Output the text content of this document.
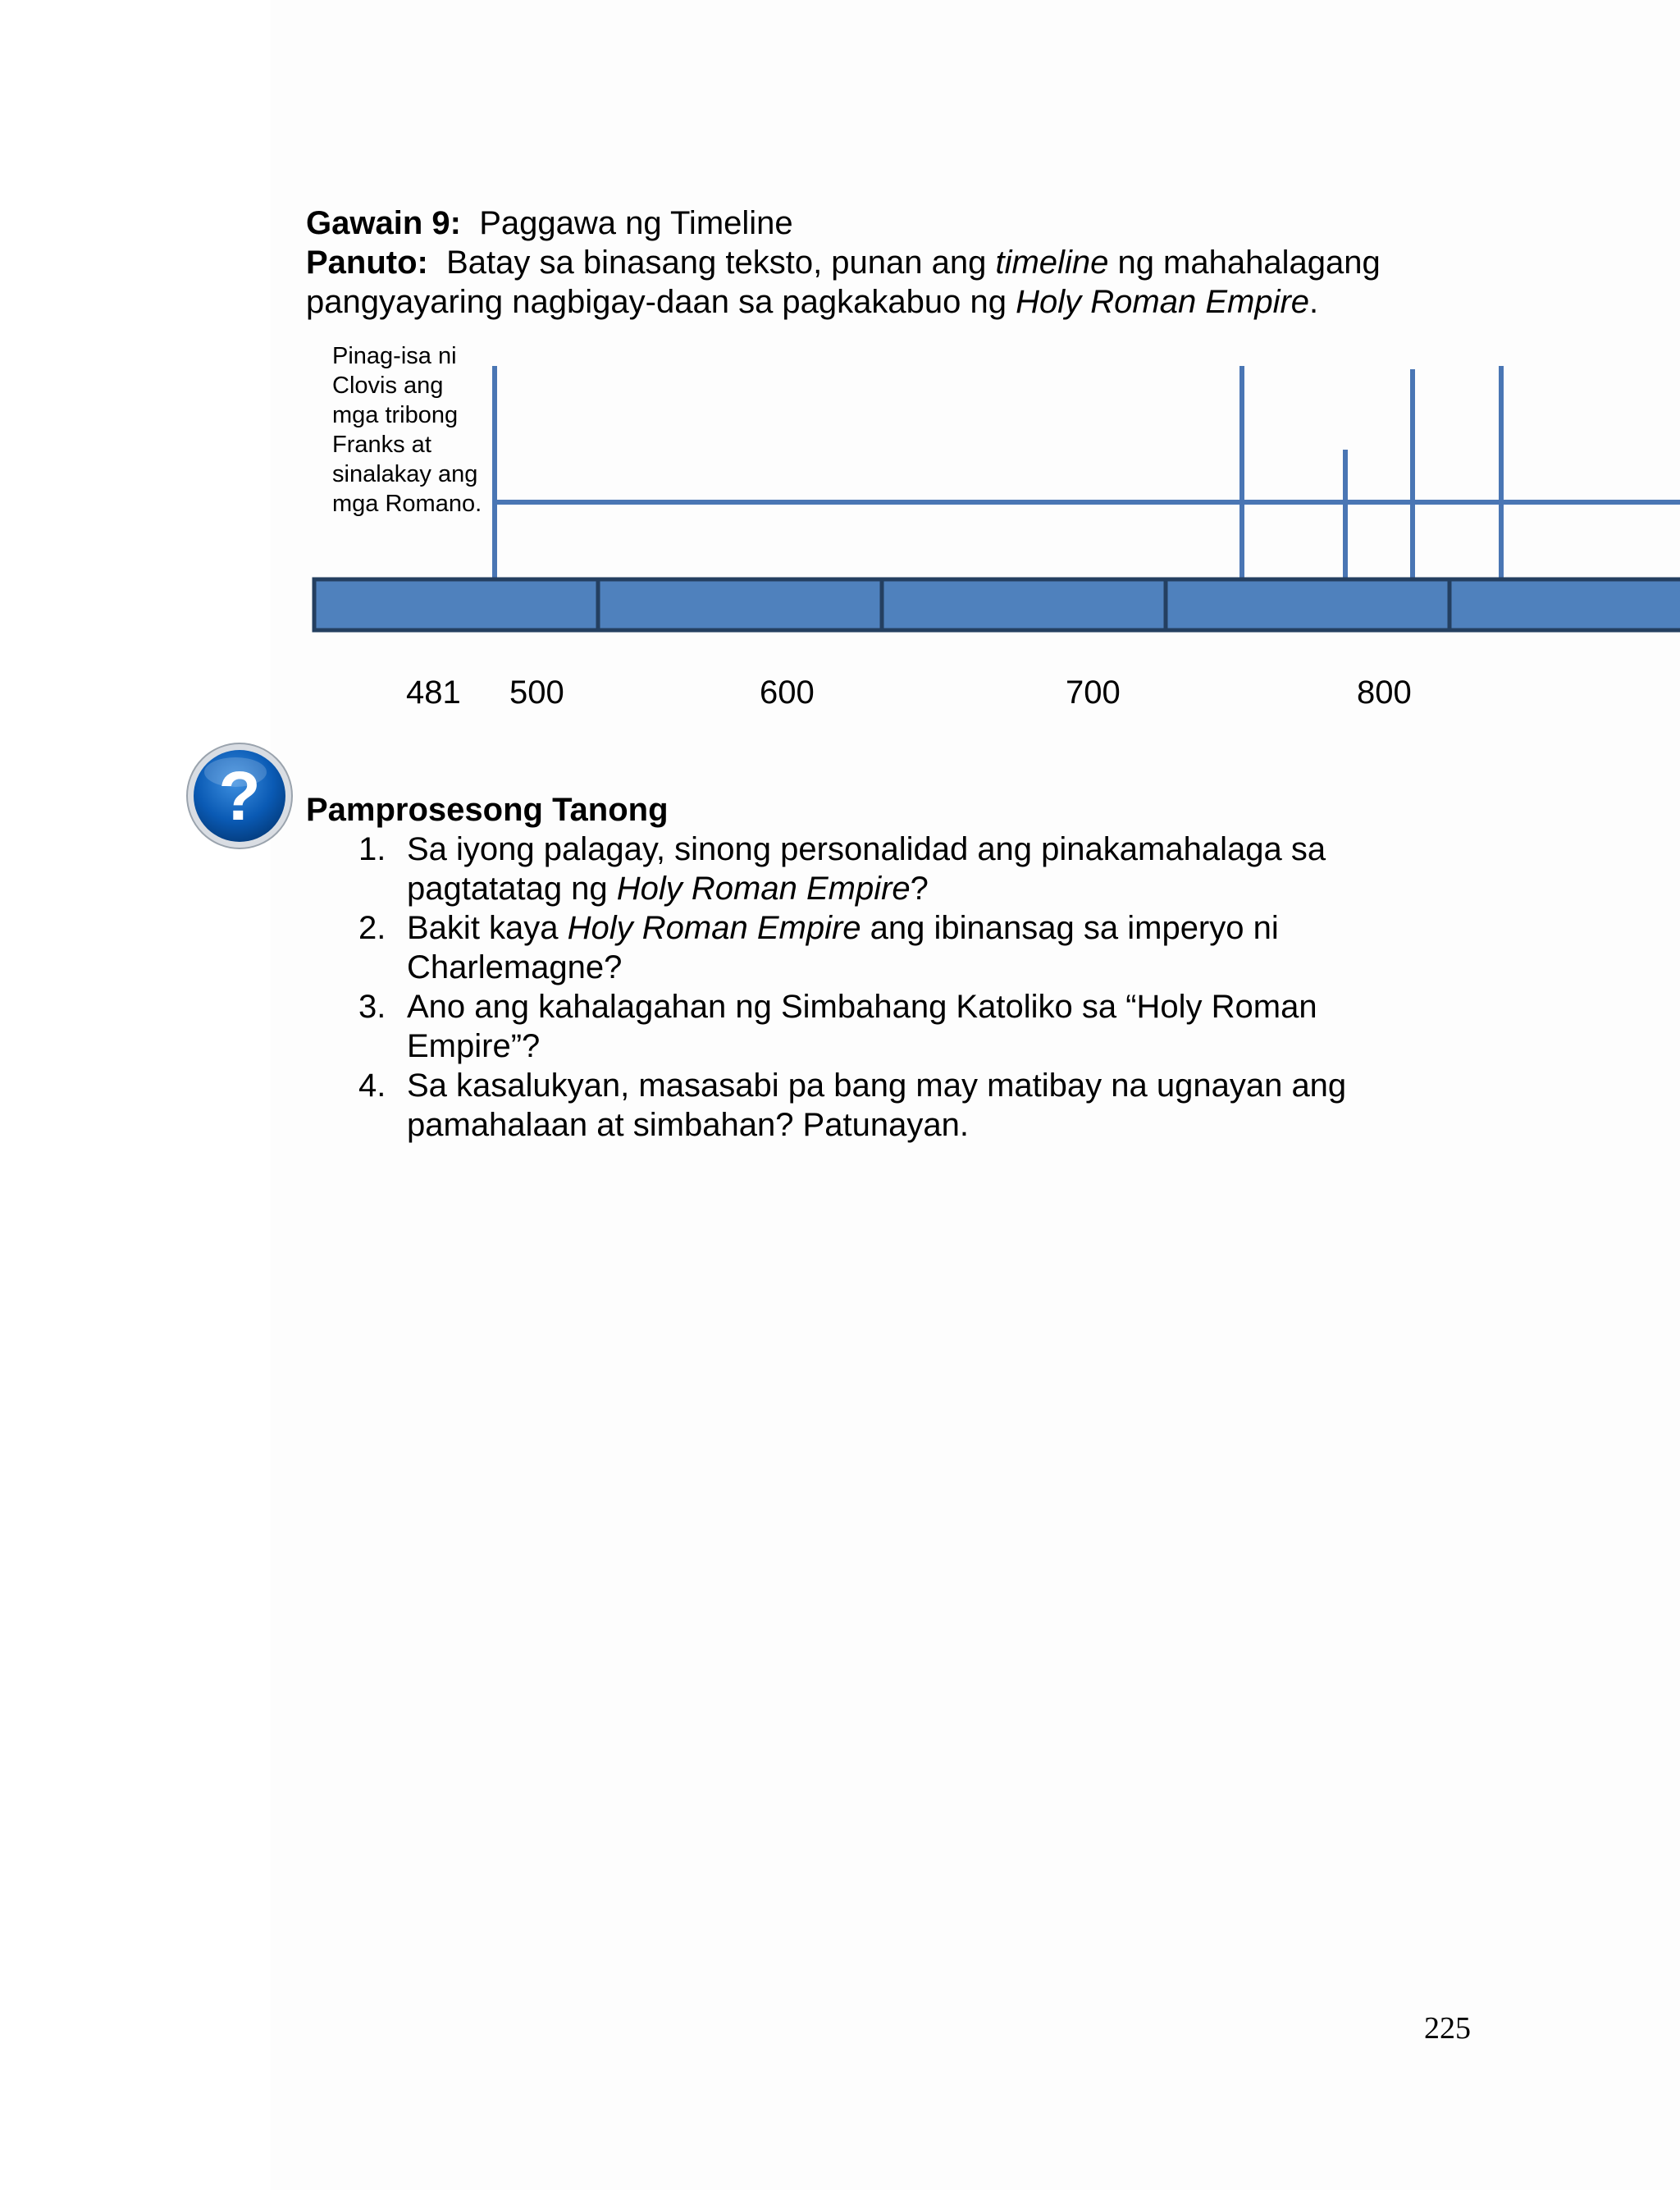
Gawain 9: Paggawa ng Timeline
Panuto: Batay sa binasang teksto, punan ang timeline ng mahahalagang
pangyayaring nagbigay-daan sa pagkakabuo ng Holy Roman Empire.
Pinag-isa ni Clovis ang mga tribong Franks at sinalakay ang mga Romano.
481 500	600	700	800
? Pamprosesong Tanong
1. Sa iyong palagay, sinong personalidad ang pinakamahalaga sa
pagtatatag ng Holy Roman Empire?
2. Bakit kaya Holy Roman Empire ang ibinansag sa imperyo ni
Charlemagne?
3. Ano ang kahalagahan ng Simbahang Katoliko sa “Holy Roman
Empire”?
4. Sa kasalukyan, masasabi pa bang may matibay na ugnayan ang
pamahalaan at simbahan? Patunayan.
225
